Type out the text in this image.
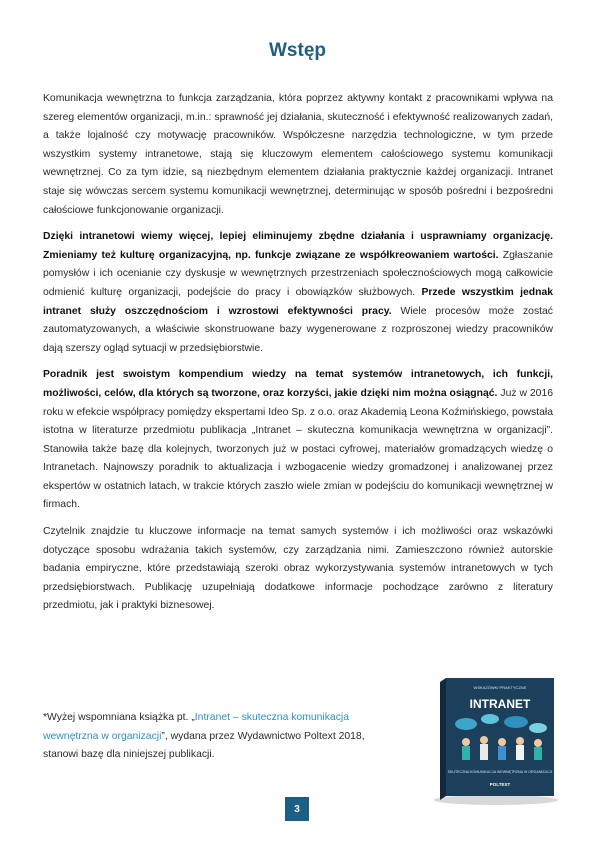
Wstęp

Komunikacja wewnętrzna to funkcja zarządzania, która poprzez aktywny kontakt z pracownikami wpływa na szereg elementów organizacji, m.in.: sprawność jej działania, skuteczność i efektywność realizowanych zadań, a także lojalność czy motywację pracowników. Współczesne narzędzia technologiczne, w tym przede wszystkim systemy intranetowe, stają się kluczowym elementem całościowego systemu komunikacji wewnętrznej. Co za tym idzie, są niezbędnym elementem działania praktycznie każdej organizacji. Intranet staje się wówczas sercem systemu komunikacji wewnętrznej, determinując w sposób pośredni i bezpośredni całościowe funkcjonowanie organizacji.

Dzięki intranetowi wiemy więcej, lepiej eliminujemy zbędne działania i usprawniamy organizację. Zmieniamy też kulturę organizacyjną, np. funkcje związane ze współkreowaniem wartości. Zgłaszanie pomysłów i ich ocenianie czy dyskusje w wewnętrznych przestrzeniach społecznościowych mogą całkowicie odmienić kulturę organizacji, podejście do pracy i obowiązków służbowych. Przede wszystkim jednak intranet służy oszczędnościom i wzrostowi efektywności pracy. Wiele procesów może zostać zautomatyzowanych, a właściwie skonstruowane bazy wygenerowane z rozproszonej wiedzy pracowników dają szerszy ogląd sytuacji w przedsiębiorstwie.

Poradnik jest swoistym kompendium wiedzy na temat systemów intranetowych, ich funkcji, możliwości, celów, dla których są tworzone, oraz korzyści, jakie dzięki nim można osiągnąć. Już w 2016 roku w efekcie współpracy pomiędzy ekspertami Ideo Sp. z o.o. oraz Akademią Leona Koźmińskiego, powstała istotna w literaturze przedmiotu publikacja „Intranet – skuteczna komunikacja wewnętrzna w organizacji”. Stanowiła także bazę dla kolejnych, tworzonych już w postaci cyfrowej, materiałów gromadzących wiedzę o Intranetach. Najnowszy poradnik to aktualizacja i wzbogacenie wiedzy gromadzonej i analizowanej przez ekspertów w ostatnich latach, w trakcie których zaszło wiele zmian w podejściu do komunikacji wewnętrznej w firmach.

Czytelnik znajdzie tu kluczowe informacje na temat samych systemów i ich możliwości oraz wskazówki dotyczące sposobu wdrażania takich systemów, czy zarządzania nimi. Zamieszczono również autorskie badania empiryczne, które przedstawiają szeroki obraz wykorzystywania systemów intranetowych w tych przedsiębiorstwach. Publikację uzupełniają dodatkowe informacje pochodzące zarówno z literatury przedmiotu, jak i praktyki biznesowej.

*Wyżej wspomniana książka pt. „Intranet – skuteczna komunikacja wewnętrzna w organizacji”, wydana przez Wydawnictwo Poltext 2018, stanowi bazę dla niniejszej publikacji.
WSKAZÓWKI PRAKTYCZNE
INTRANET
SKUTECZNA KOMUNIKACJA WEWNĘTRZNA W ORGANIZACJI
POLTEXT
3
